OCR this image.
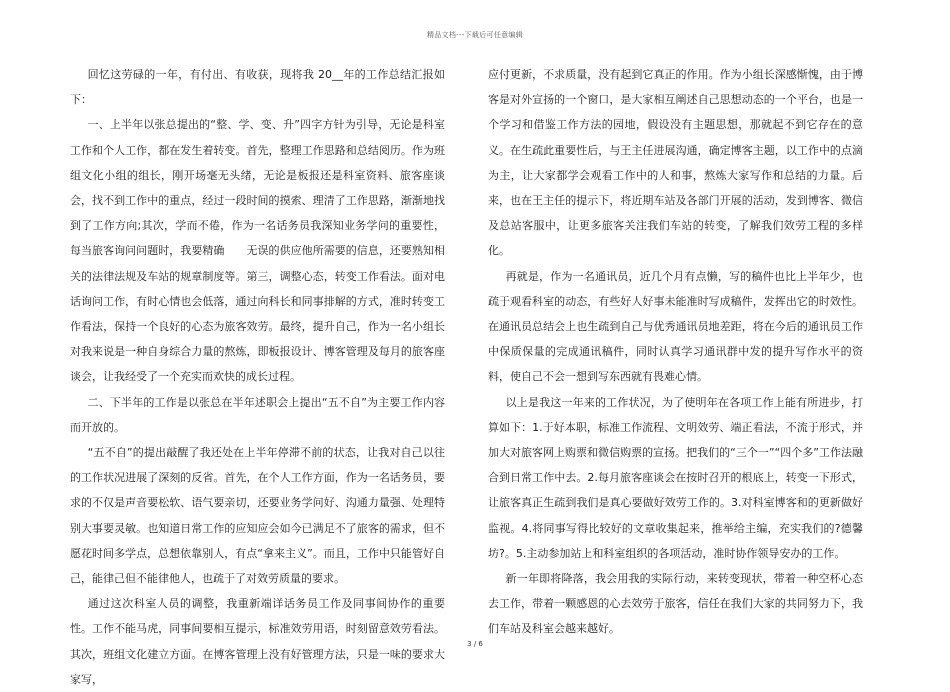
精品文档---下载后可任意编辑

回忆这劳碌的一年，有付出、有收获，现将我 20__年的工作总结汇报如下：

一、上半年以张总提出的“整、学、变、升”四字方针为引导，无论是科室工作和个人工作，都在发生着转变。首先，整理工作思路和总结阅历。作为班组文化小组的组长，刚开场毫无头绪，无论是板报还是科室资料、旅客座谈会，找不到工作中的重点，经过一段时间的摸索、理清了工作思路，渐渐地找到了工作方向;其次，学而不倦，作为一名话务员我深知业务学问的重要性，每当旅客询问问题时，我要精确　　无误的供应他所需要的信息，还要熟知相关的法律法规及车站的规章制度等。第三，调整心态，转变工作看法。面对电话询问工作，有时心情也会低落，通过向科长和同事排解的方式，准时转变工作看法，保持一个良好的心态为旅客效劳。最终，提升自己，作为一名小组长对我来说是一种自身综合力量的熬炼，即板报设计、博客管理及每月的旅客座谈会，让我经受了一个充实而欢快的成长过程。

二、下半年的工作是以张总在半年述职会上提出“五不自”为主要工作内容而开放的。

“五不自”的提出敲醒了我还处在上半年停滞不前的状态，让我对自己以往的工作状况进展了深刻的反省。首先，在个人工作方面，作为一名话务员，要求的不仅是声音要松软、语气要亲切，还要业务学问好、沟通力量强、处理特别大事要灵敏。也知道日常工作的应知应会如今已满足不了旅客的需求，但不愿花时间多学点，总想依靠别人，有点“拿来主义”。而且，工作中只能管好自己，能律己但不能律他人，也疏于了对效劳质量的要求。

通过这次科室人员的调整，我重新端详话务员工作及同事间协作的重要性。工作不能马虎，同事间要相互提示，标准效劳用语，时刻留意效劳看法。其次，班组文化建立方面。在博客管理上没有好管理方法，只是一味的要求大家写，

应付更新，不求质量，没有起到它真正的作用。作为小组长深感惭愧，由于博客是对外宣扬的一个窗口，是大家相互阐述自己思想动态的一个平台，也是一个学习和借鉴工作方法的园地，假设没有主题思想，那就起不到它存在的意义。在生疏此重要性后，与王主任进展沟通，确定博客主题，以工作中的点滴为主，让大家都学会观看工作中的人和事，熬炼大家写作和总结的力量。后来，也在王主任的提示下，将近期车站及各部门开展的活动，发到博客、微信及总站客服中，让更多旅客关注我们车站的转变，了解我们效劳工程的多样化。

再就是，作为一名通讯员，近几个月有点懒，写的稿件也比上半年少，也疏于观看科室的动态，有些好人好事未能准时写成稿件，发挥出它的时效性。在通讯员总结会上也生疏到自己与优秀通讯员地差距，将在今后的通讯员工作中保质保量的完成通讯稿件，同时认真学习通讯群中发的提升写作水平的资料，使自己不会一想到写东西就有畏难心情。

以上是我这一年来的工作状况，为了使明年在各项工作上能有所进步，打算如下：1.于好本职，标准工作流程、文明效劳、端正看法，不流于形式，并加大对旅客网上购票和微信购票的宣扬。把我们的“三个一”“四个多”工作法融合到日常工作中去。2.每月旅客座谈会在按时召开的根底上，转变一下形式，让旅客真正生疏到我们是真心要做好效劳工作的。3.对科室博客和的更新做好监视。4.将同事写得比较好的文章收集起来，推举给主编，充实我们的?德馨坊?。5.主动参加站上和科室组织的各项活动，准时协作领导安办的工作。

新一年即将降落，我会用我的实际行动，来转变现状，带着一种空杯心态去工作，带着一颗感恩的心去效劳于旅客，信任在我们大家的共同努力下，我们车站及科室会越来越好。

3 / 6
